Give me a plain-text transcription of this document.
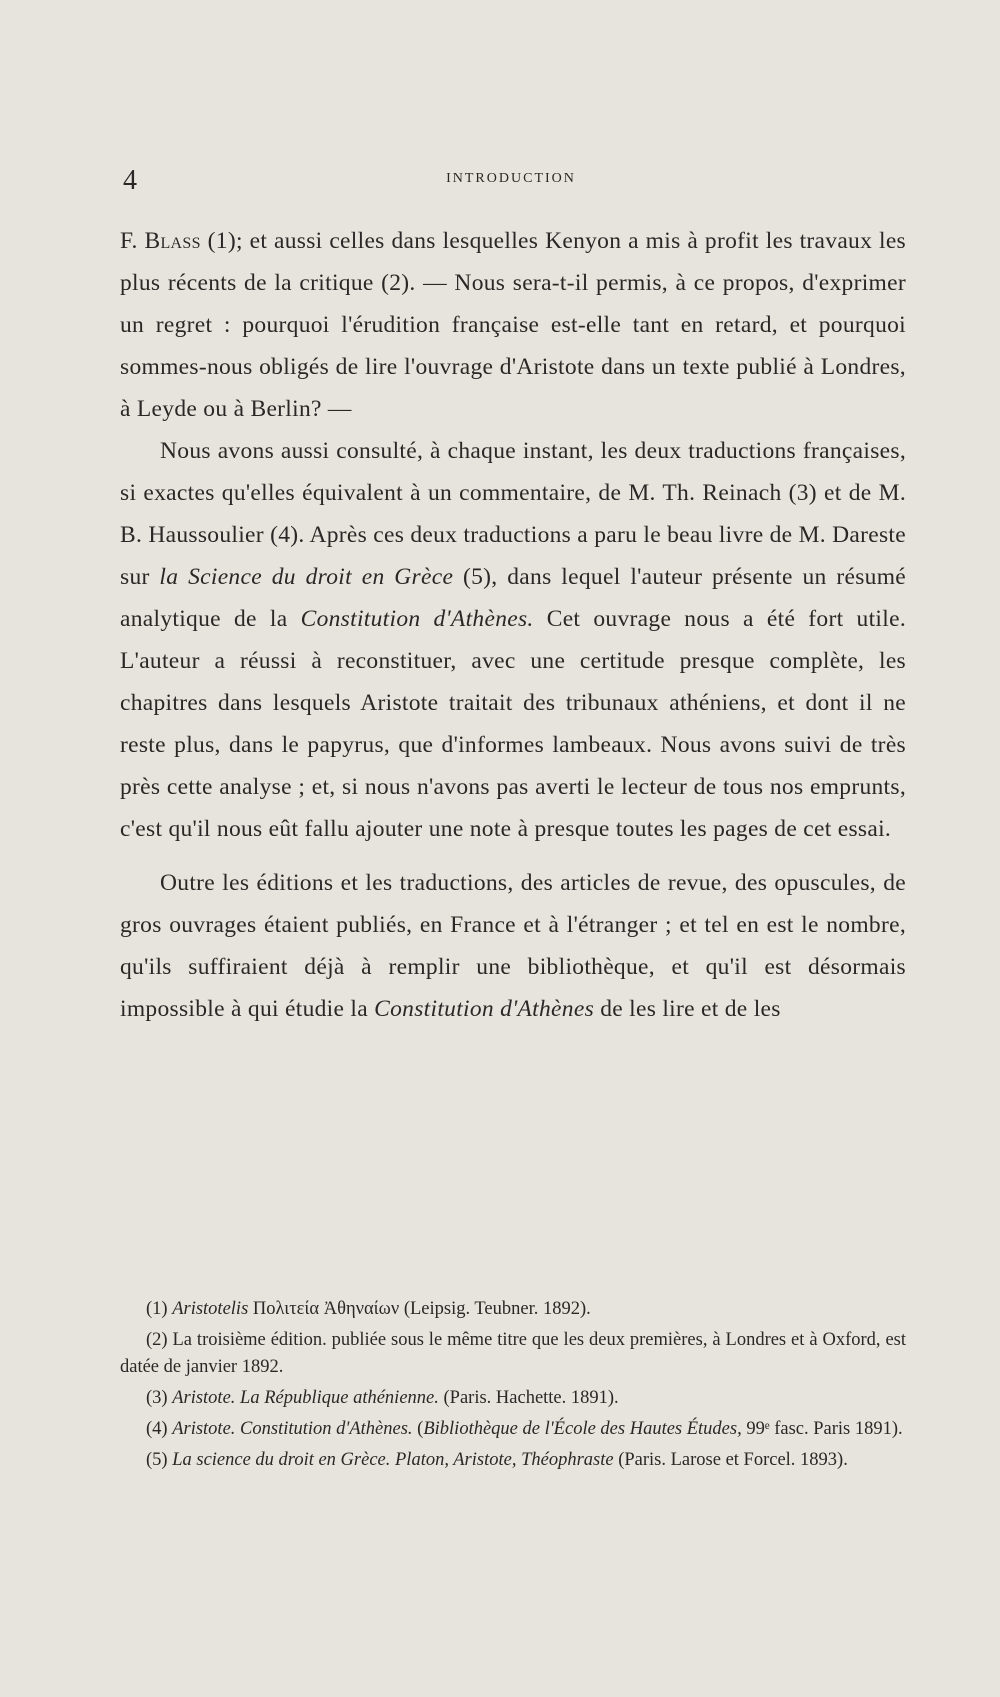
4	INTRODUCTION

F. Blass (1); et aussi celles dans lesquelles Kenyon a mis à profit les travaux les plus récents de la critique (2). — Nous sera-t-il permis, à ce propos, d'exprimer un regret : pourquoi l'érudition française est-elle tant en retard, et pourquoi sommes-nous obligés de lire l'ouvrage d'Aristote dans un texte publié à Londres, à Leyde ou à Berlin? —

Nous avons aussi consulté, à chaque instant, les deux traductions françaises, si exactes qu'elles équivalent à un commentaire, de M. Th. Reinach (3) et de M. B. Haussoulier (4). Après ces deux traductions a paru le beau livre de M. Dareste sur la Science du droit en Grèce (5), dans lequel l'auteur présente un résumé analytique de la Constitution d'Athènes. Cet ouvrage nous a été fort utile. L'auteur a réussi à reconstituer, avec une certitude presque complète, les chapitres dans lesquels Aristote traitait des tribunaux athéniens, et dont il ne reste plus, dans le papyrus, que d'informes lambeaux. Nous avons suivi de très près cette analyse ; et, si nous n'avons pas averti le lecteur de tous nos emprunts, c'est qu'il nous eût fallu ajouter une note à presque toutes les pages de cet essai.

Outre les éditions et les traductions, des articles de revue, des opuscules, de gros ouvrages étaient publiés, en France et à l'étranger ; et tel en est le nombre, qu'ils suffiraient déjà à remplir une bibliothèque, et qu'il est désormais impossible à qui étudie la Constitution d'Athènes de les lire et de les

(1) Aristotelis Πολιτεία Ἀθηναίων (Leipsig. Teubner. 1892).

(2) La troisième édition. publiée sous le même titre que les deux premières, à Londres et à Oxford, est datée de janvier 1892.

(3) Aristote. La République athénienne. (Paris. Hachette. 1891).

(4) Aristote. Constitution d'Athènes. (Bibliothèque de l'École des Hautes Études, 99ᵉ fasc. Paris 1891).

(5) La science du droit en Grèce. Platon, Aristote, Théophraste (Paris. Larose et Forcel. 1893).
